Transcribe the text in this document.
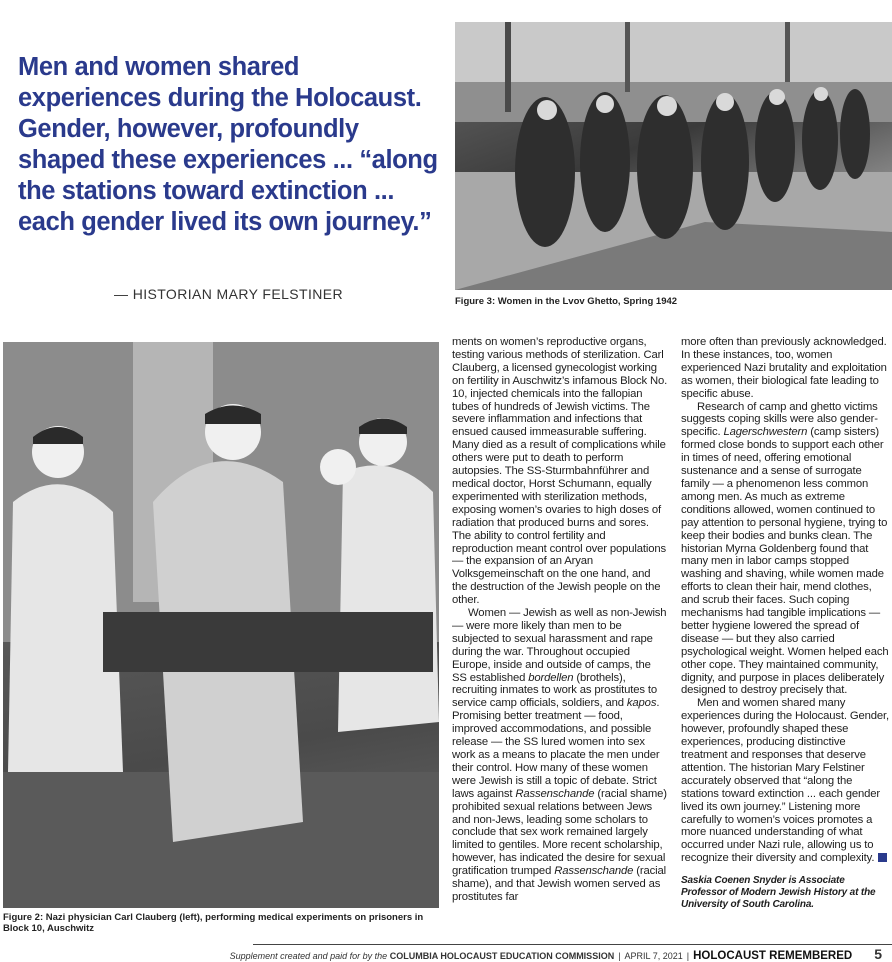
Men and women shared experiences during the Holocaust. Gender, however, profoundly shaped these experiences ... “along the stations toward extinction ... each gender lived its own journey.”

— HISTORIAN MARY FELSTINER	Figure 3: Women in the Lvov Ghetto, Spring 1942
Figure 2: Nazi physician Carl Clauberg (left), performing medical experiments on prisoners in Block 10, Auschwitz

ments on women’s reproductive organs, testing various methods of sterilization. Carl Clauberg, a licensed gynecologist working on fertility in Auschwitz’s infamous Block No. 10, injected chemicals into the fallopian tubes of hundreds of Jewish victims. The severe inflammation and infections that ensued caused immeasurable suffering. Many died as a result of complications while others were put to death to perform autopsies. The SS-Sturmbahnführer and medical doctor, Horst Schumann, equally experimented with sterilization methods, exposing women’s ovaries to high doses of radiation that produced burns and sores. The ability to control fertility and reproduction meant control over populations — the expansion of an Aryan Volksgemeinschaft on the one hand, and the destruction of the Jewish people on the other.

Women — Jewish as well as non-Jewish — were more likely than men to be subjected to sexual harassment and rape during the war. Throughout occupied Europe, inside and outside of camps, the SS established bordellen (brothels), recruiting inmates to work as prostitutes to service camp officials, soldiers, and kapos. Promising better treatment — food, improved accommodations, and possible release — the SS lured women into sex work as a means to placate the men under their control. How many of these women were Jewish is still a topic of debate. Strict laws against Rassenschande (racial shame) prohibited sexual relations between Jews and non-Jews, leading some scholars to conclude that sex work remained largely limited to gentiles. More recent scholarship, however, has indicated the desire for sexual gratification trumped Rassenschande (racial shame), and that Jewish women served as prostitutes far

more often than previously acknowledged. In these instances, too, women experienced Nazi brutality and exploitation as women, their biological fate leading to specific abuse.

Research of camp and ghetto victims suggests coping skills were also gender-specific. Lagerschwestern (camp sisters) formed close bonds to support each other in times of need, offering emotional sustenance and a sense of surrogate family — a phenomenon less common among men. As much as extreme conditions allowed, women continued to pay attention to personal hygiene, trying to keep their bodies and bunks clean. The historian Myrna Goldenberg found that many men in labor camps stopped washing and shaving, while women made efforts to clean their hair, mend clothes, and scrub their faces. Such coping mechanisms had tangible implications — better hygiene lowered the spread of disease — but they also carried psychological weight. Women helped each other cope. They maintained community, dignity, and purpose in places deliberately designed to destroy precisely that.

Men and women shared many experiences during the Holocaust. Gender, however, profoundly shaped these experiences, producing distinctive treatment and responses that deserve attention. The historian Mary Felstiner accurately observed that “along the stations toward extinction ... each gender lived its own journey.” Listening more carefully to women’s voices promotes a more nuanced understanding of what occurred under Nazi rule, allowing us to recognize their diversity and complexity.

Saskia Coenen Snyder is Associate Professor of Modern Jewish History at the University of South Carolina.

Supplement created and paid for by the COLUMBIA HOLOCAUST EDUCATION COMMISSION | APRIL 7, 2021 | HOLOCAUST REMEMBERED 5
